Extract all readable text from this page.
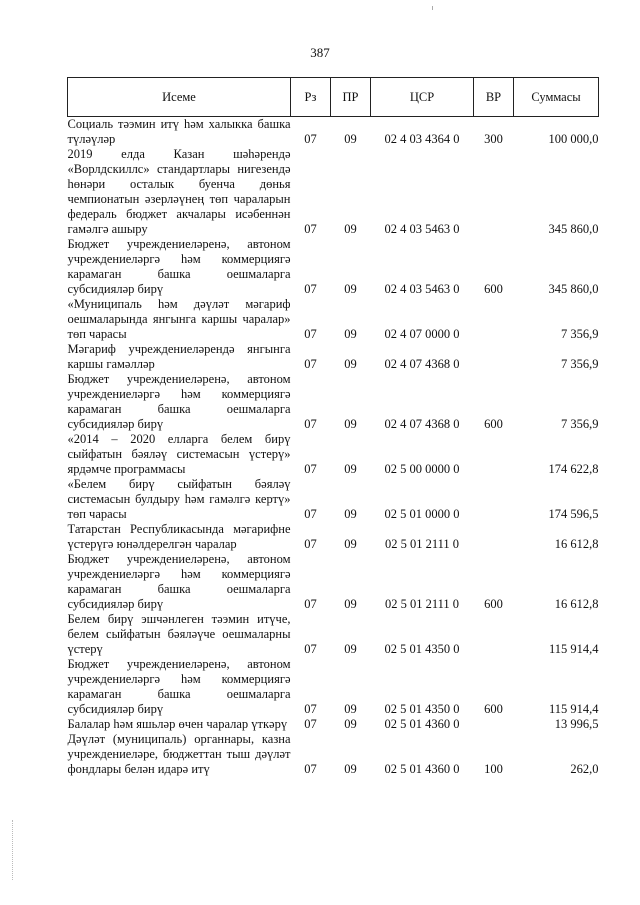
387
Исеме	Рз	ПР	ЦСР	ВР	Суммасы
Социаль тәэмин итү һәм халыкка башка түләүләр	07	09	02 4 03 4364 0	300	100 000,0
2019 елда Казан шәһәрендә «Ворлдскиллс» стандартлары нигезендә һөнәри осталык буенча дөнья чемпионатын әзерләүнең төп чараларын федераль бюджет акчалары исәбеннән гамәлгә ашыру	07	09	02 4 03 5463 0		345 860,0
Бюджет учреждениеләренә, автоном учреждениеләргә һәм коммерциягә карамаган башка оешмаларга субсидияләр бирү	07	09	02 4 03 5463 0	600	345 860,0
«Муниципаль һәм дәүләт мәгариф оешмаларында янгынга каршы чаралар» төп чарасы	07	09	02 4 07 0000 0		7 356,9
Мәгариф учреждениеләрендә янгынга каршы гамәлләр	07	09	02 4 07 4368 0		7 356,9
Бюджет учреждениеләренә, автоном учреждениеләргә һәм коммерциягә карамаган башка оешмаларга субсидияләр бирү	07	09	02 4 07 4368 0	600	7 356,9
«2014 – 2020 елларга белем бирү сыйфатын бәяләү системасын үстерү» ярдәмче программасы	07	09	02 5 00 0000 0		174 622,8
«Белем бирү сыйфатын бәяләү системасын булдыру һәм гамәлгә кертү» төп чарасы	07	09	02 5 01 0000 0		174 596,5
Татарстан Республикасында мәгарифне үстерүгә юнәлдерелгән чаралар	07	09	02 5 01 2111 0		16 612,8
Бюджет учреждениеләренә, автоном учреждениеләргә һәм коммерциягә карамаган башка оешмаларга субсидияләр бирү	07	09	02 5 01 2111 0	600	16 612,8
Белем бирү эшчәнлеген тәэмин итүче, белем сыйфатын бәяләүче оешмаларны үстерү	07	09	02 5 01 4350 0		115 914,4
Бюджет учреждениеләренә, автоном учреждениеләргә һәм коммерциягә карамаган башка оешмаларга субсидияләр бирү	07	09	02 5 01 4350 0	600	115 914,4
Балалар һәм яшьләр өчен чаралар үткәрү	07	09	02 5 01 4360 0		13 996,5
Дәүләт (муниципаль) органнары, казна учреждениеләре, бюджеттан тыш дәүләт фондлары белән идарә итү	07	09	02 5 01 4360 0	100	262,0
